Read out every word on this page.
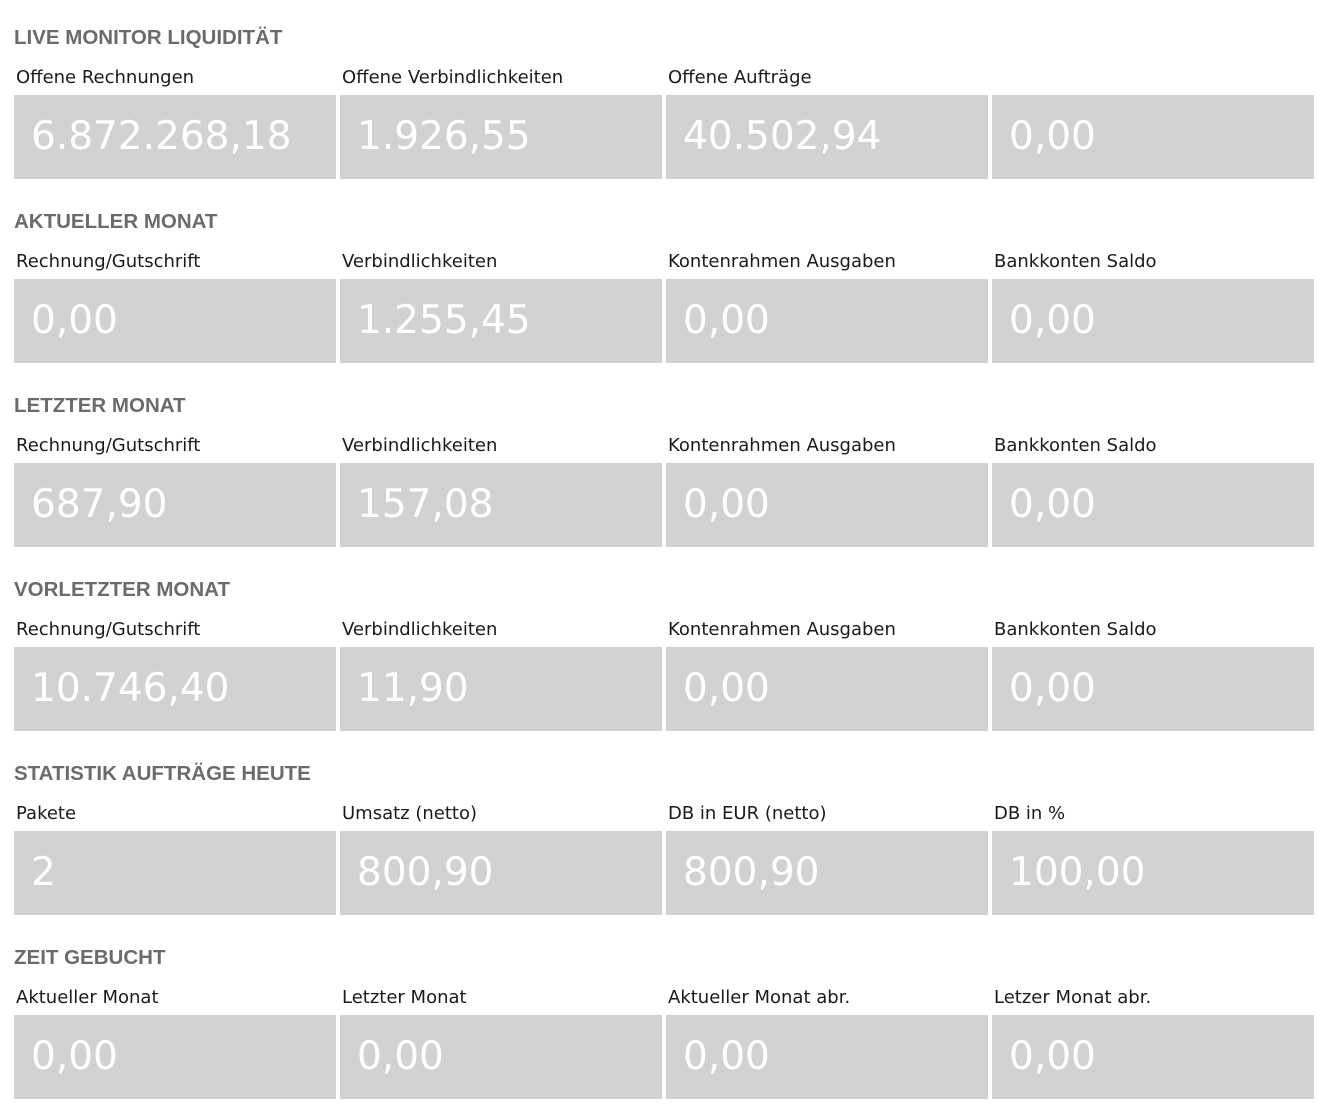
LIVE MONITOR LIQUIDITÄT
Offene Rechnungen
6.872.268,18
Offene Verbindlichkeiten
1.926,55
Offene Aufträge
40.502,94	0,00
AKTUELLER MONAT
Rechnung/Gutschrift
0,00
Verbindlichkeiten
1.255,45
Kontenrahmen Ausgaben
0,00
Bankkonten Saldo
0,00
LETZTER MONAT
Rechnung/Gutschrift
687,90
Verbindlichkeiten
157,08
Kontenrahmen Ausgaben
0,00
Bankkonten Saldo
0,00
VORLETZTER MONAT
Rechnung/Gutschrift
10.746,40
Verbindlichkeiten
11,90
Kontenrahmen Ausgaben
0,00
Bankkonten Saldo
0,00
STATISTIK AUFTRÄGE HEUTE
Pakete
2
Umsatz (netto)
800,90
DB in EUR (netto)
800,90
DB in %
100,00
ZEIT GEBUCHT
Aktueller Monat
0,00
Letzter Monat
0,00
Aktueller Monat abr.
0,00
Letzer Monat abr.
0,00
